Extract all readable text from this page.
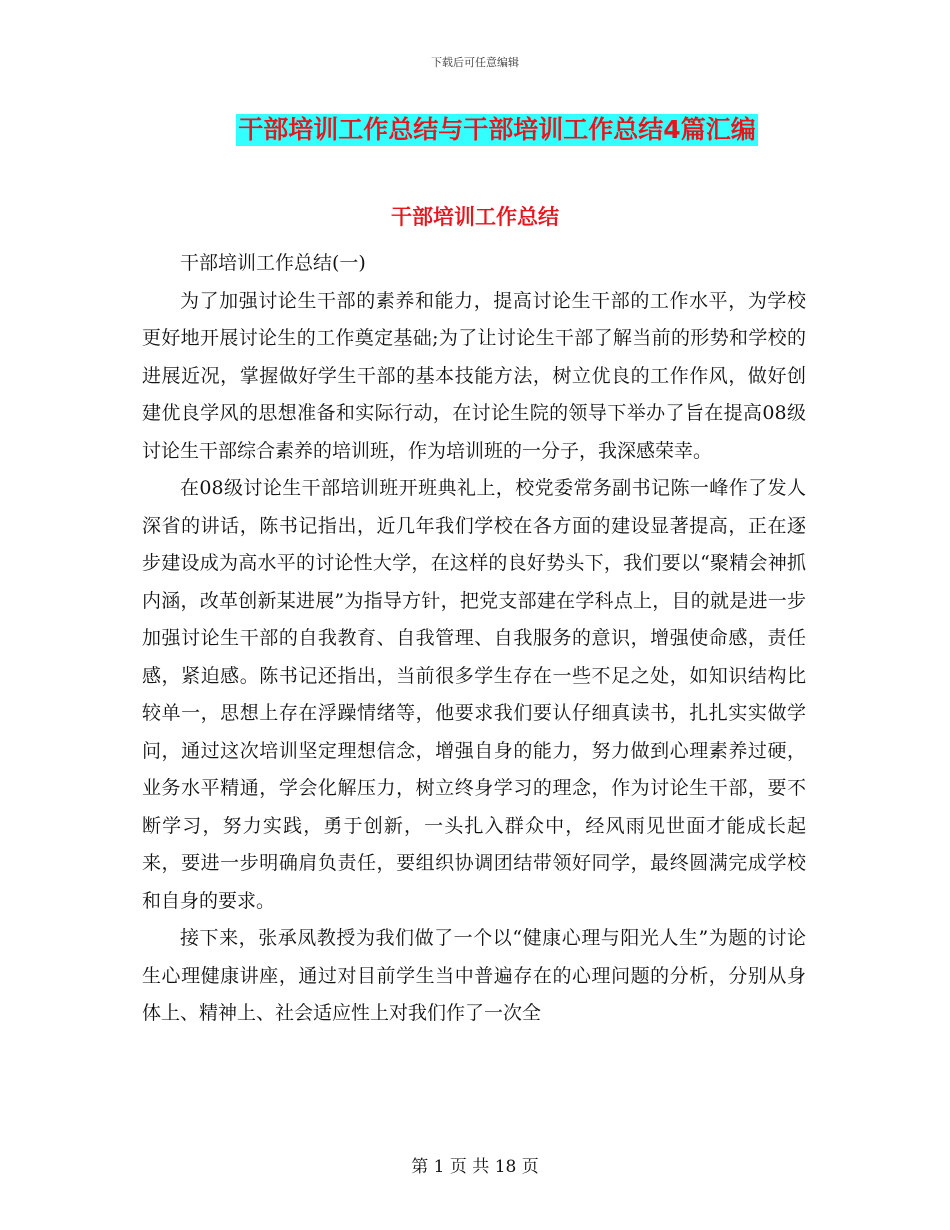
下载后可任意编辑
干部培训工作总结与干部培训工作总结4篇汇编
干部培训工作总结

干部培训工作总结(一)

为了加强讨论生干部的素养和能力，提高讨论生干部的工作水平，为学校更好地开展讨论生的工作奠定基础;为了让讨论生干部了解当前的形势和学校的进展近况，掌握做好学生干部的基本技能方法，树立优良的工作作风，做好创建优良学风的思想准备和实际行动，在讨论生院的领导下举办了旨在提高08级讨论生干部综合素养的培训班，作为培训班的一分子，我深感荣幸。

在08级讨论生干部培训班开班典礼上，校党委常务副书记陈一峰作了发人深省的讲话，陈书记指出，近几年我们学校在各方面的建设显著提高，正在逐步建设成为高水平的讨论性大学，在这样的良好势头下，我们要以“聚精会神抓内涵，改革创新某进展”为指导方针，把党支部建在学科点上，目的就是进一步加强讨论生干部的自我教育、自我管理、自我服务的意识，增强使命感，责任感，紧迫感。陈书记还指出，当前很多学生存在一些不足之处，如知识结构比较单一，思想上存在浮躁情绪等，他要求我们要认仔细真读书，扎扎实实做学问，通过这次培训坚定理想信念，增强自身的能力，努力做到心理素养过硬，业务水平精通，学会化解压力，树立终身学习的理念，作为讨论生干部，要不断学习，努力实践，勇于创新，一头扎入群众中，经风雨见世面才能成长起来，要进一步明确肩负责任，要组织协调团结带领好同学，最终圆满完成学校和自身的要求。

接下来，张承凤教授为我们做了一个以“健康心理与阳光人生”为题的讨论生心理健康讲座，通过对目前学生当中普遍存在的心理问题的分析，分别从身体上、精神上、社会适应性上对我们作了一次全

第 1 页 共 18 页
